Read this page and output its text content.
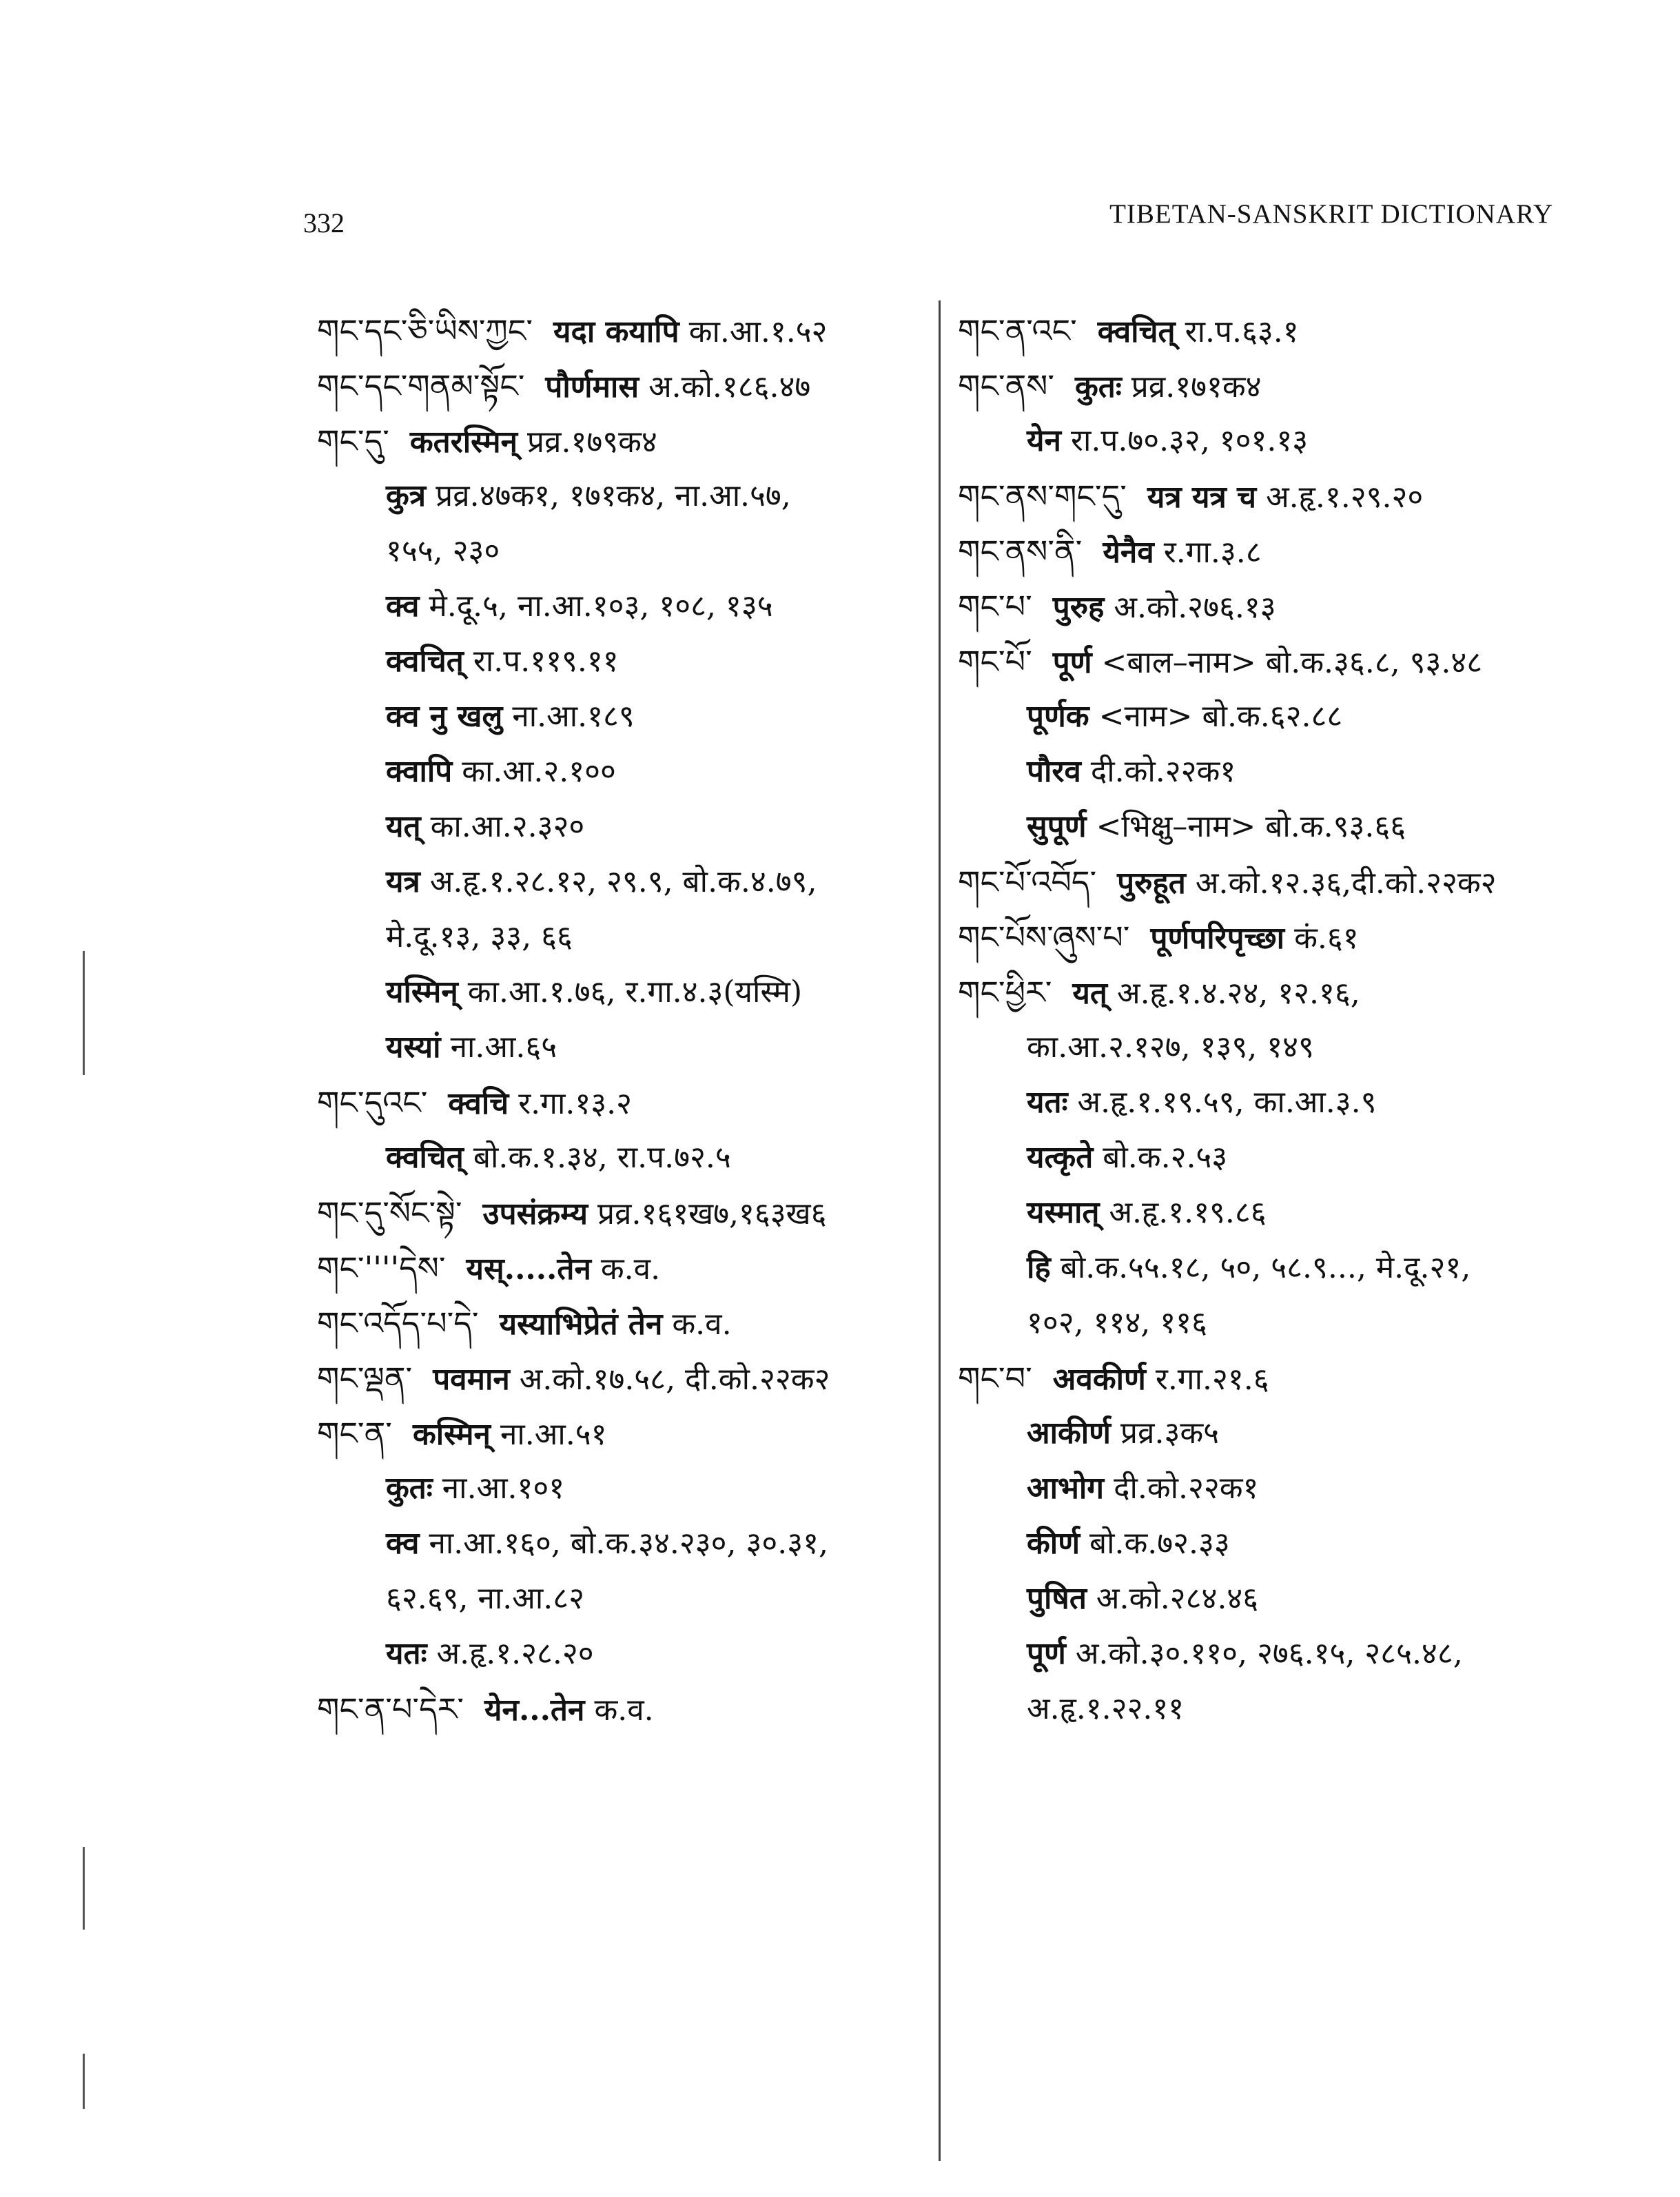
332	TIBETAN-SANSKRIT DICTIONARY
གང་དང་ཅི་ཡིས་ཀྱང་ यदा कयापि का.आ.१.५२
གང་དང་གནམ་སྟོང་ पौर्णमास अ.को.१८६.४७
གང་དུ་ कतरस्मिन् प्रव्र.१७९क४
कुत्र प्रव्र.४७क१, १७१क४, ना.आ.५७,
१५५, २३०
क्व मे.दू.५, ना.आ.१०३, १०८, १३५
क्वचित् रा.प.११९.११
क्व नु खलु ना.आ.१८९
क्वापि का.आ.२.१००
यत् का.आ.२.३२०
यत्र अ.हृ.१.२८.१२, २९.९, बो.क.४.७९,
मे.दू.१३, ३३, ६६
यस्मिन् का.आ.१.७६, र.गा.४.३(यस्मि)
यस्यां ना.आ.६५
གང་དུའང་ क्वचि र.गा.१३.२
क्वचित् बो.क.१.३४, रा.प.७२.५
གང་དུ་སོང་སྟེ་ उपसंक्रम्य प्रव्र.१६१ख७,१६३ख६
གང་''''དེས་ यस्.....तेन क.व.
གང་འདོད་པ་དེ་ यस्याभिप्रेतं तेन क.व.
གང་ལྡན་ पवमान अ.को.१७.५८, दी.को.२२क२
གང་ན་ कस्मिन् ना.आ.५१
कुतः ना.आ.१०१
क्व ना.आ.१६०, बो.क.३४.२३०, ३०.३१,
६२.६९, ना.आ.८२
यतः अ.हृ.१.२८.२०
གང་ན་པ་དེར་ येन...तेन क.व.
གང་ན་འང་ क्वचित् रा.प.६३.१
གང་ནས་ कुतः प्रव्र.१७१क४
येन रा.प.७०.३२, १०१.१३
གང་ནས་གང་དུ་ यत्र यत्र च अ.हृ.१.२९.२०
གང་ནས་ནི་ येनैव र.गा.३.८
གང་པ་ पुरुह अ.को.२७६.१३
གང་པོ་ पूर्ण <बाल–नाम> बो.क.३६.८, ९३.४८
पूर्णक <नाम> बो.क.६२.८८
पौरव दी.को.२२क१
सुपूर्ण <भिक्षु–नाम> बो.क.९३.६६
གང་པོ་འབོད་ पुरुहूत अ.को.१२.३६,दी.को.२२क२
གང་པོས་ཞུས་པ་ पूर्णपरिपृच्छा कं.६१
གང་ཕྱིར་ यत् अ.हृ.१.४.२४, १२.१६,
का.आ.२.१२७, १३९, १४९
यतः अ.हृ.१.१९.५९, का.आ.३.९
यत्कृते बो.क.२.५३
यस्मात् अ.हृ.१.१९.८६
हि बो.क.५५.१८, ५०, ५८.९..., मे.दू.२१,
१०२, ११४, ११६
གང་བ་ अवकीर्ण र.गा.२१.६
आकीर्ण प्रव्र.३क५
आभोग दी.को.२२क१
कीर्ण बो.क.७२.३३
पुषित अ.को.२८४.४६
पूर्ण अ.को.३०.११०, २७६.१५, २८५.४८,
अ.हृ.१.२२.११
